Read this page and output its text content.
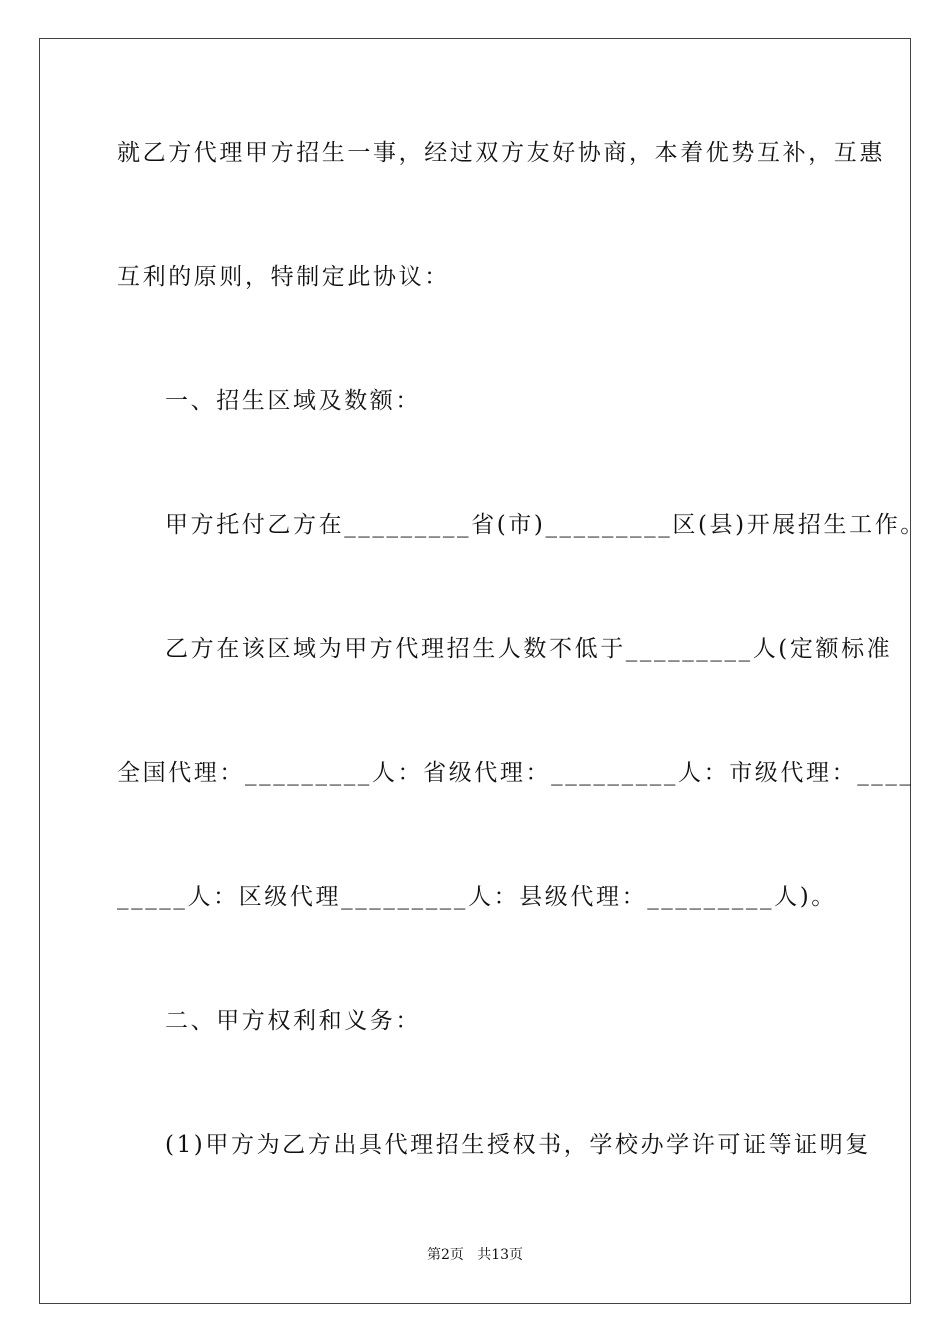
就乙方代理甲方招生一事，经过双方友好协商，本着优势互补，互惠
互利的原则，特制定此协议：
一、招生区域及数额：
甲方托付乙方在_________省(市)_________区(县)开展招生工作。
乙方在该区域为甲方代理招生人数不低于_________人(定额标准
全国代理：_________人：省级代理：_________人：市级代理：____
_____人：区级代理_________人：县级代理：_________人)。
二、甲方权利和义务：
(1)甲方为乙方出具代理招生授权书，学校办学许可证等证明复
第2页   共13页
